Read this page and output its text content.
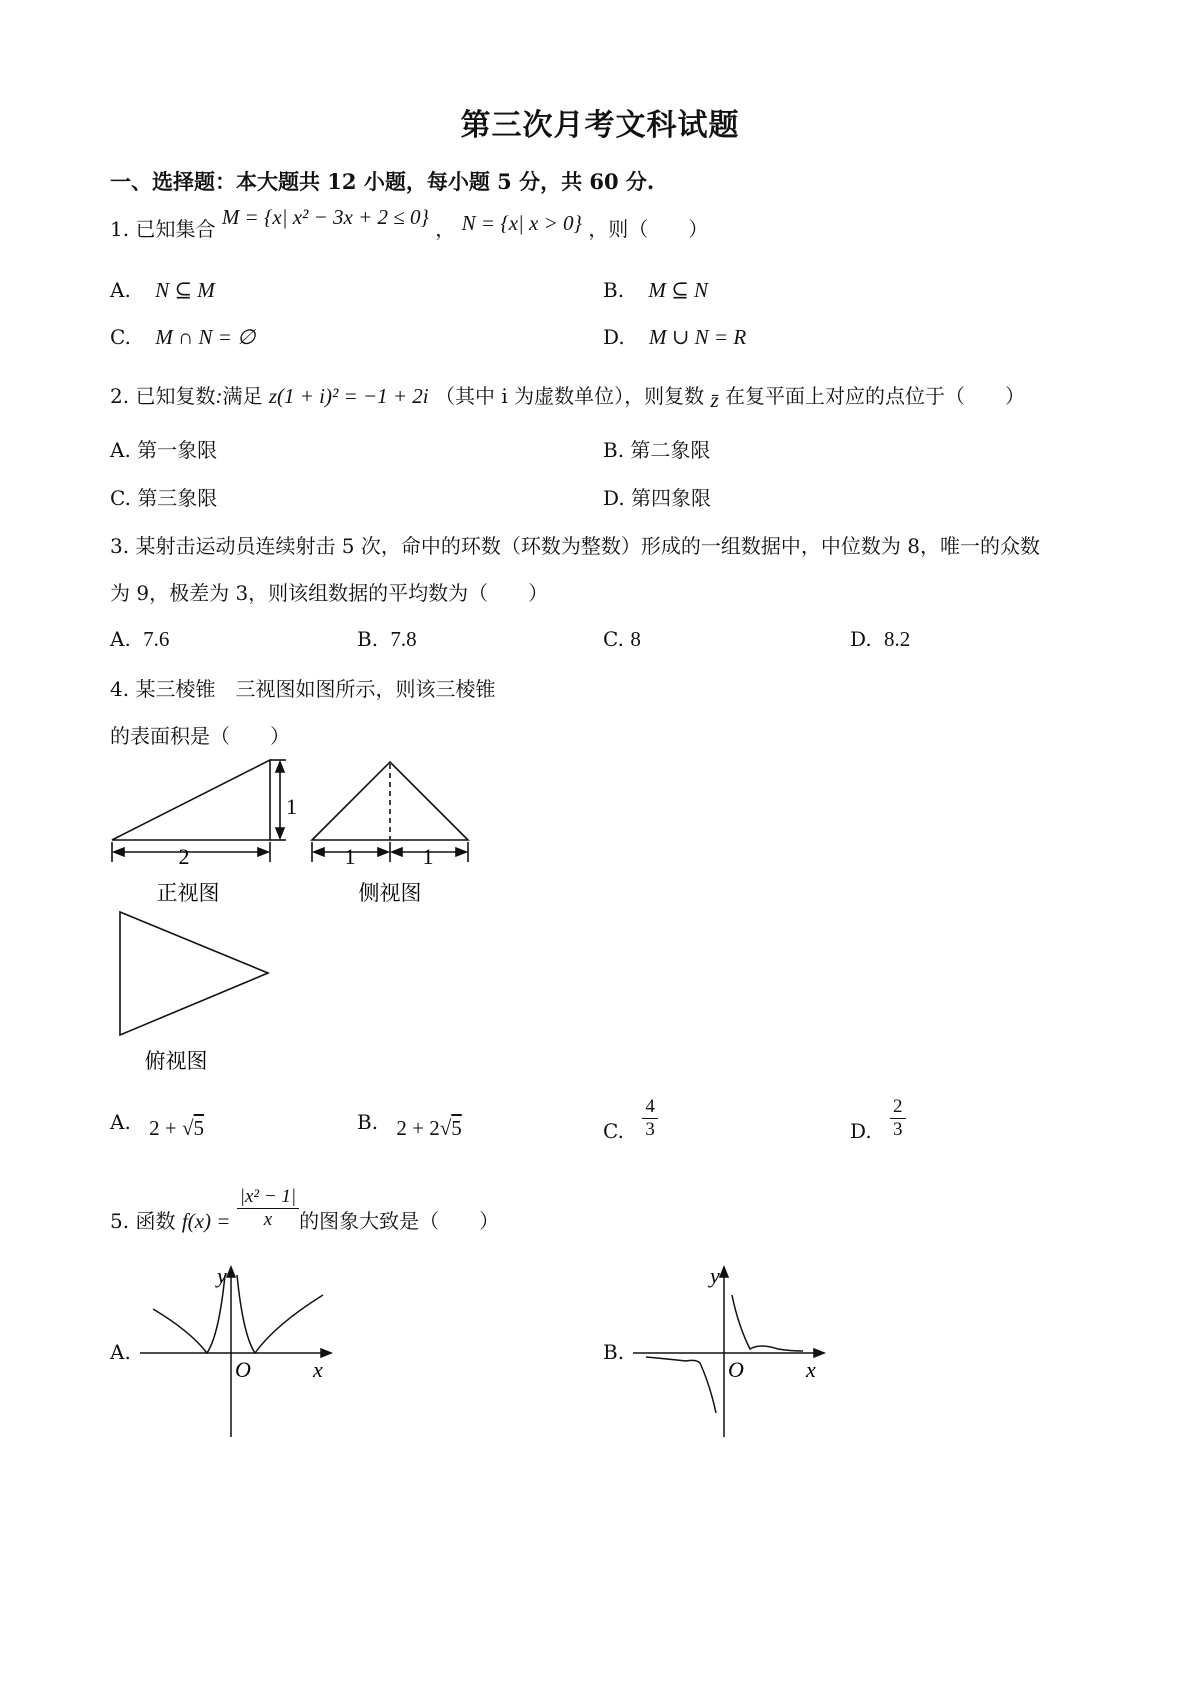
第三次月考文科试题
一、选择题：本大题共 12 小题，每小题 5 分，共 60 分.
1. 已知集合 M = {x| x² − 3x + 2 ≤ 0} ， N = {x| x > 0} ，则（　　）
A. N ⊆ M	B. M ⊆ N
C. M ∩ N = ∅	D. M ∪ N = R
2. 已知复数:满足 z(1 + i)² = −1 + 2i （其中 i 为虚数单位），则复数 z̄ 在复平面上对应的点位于（　　）
A. 第一象限	B. 第二象限
C. 第三象限	D. 第四象限
3. 某射击运动员连续射击 5 次，命中的环数（环数为整数）形成的一组数据中，中位数为 8，唯一的众数
为 9，极差为 3，则该组数据的平均数为（　　）
A. 7.6	B. 7.8	C. 8	D. 8.2
4. 某三棱锥　三视图如图所示，则该三棱锥
的表面积是（　　）
1
2
正视图
1	1
侧视图
俯视图
A. 2 + √5	B. 2 + 2√5	C. $\frac{4}{3}$	D. $\frac{2}{3}$
5. 函数 $f(x) = \frac{\text{|x² − 1|}}{x}$ 的图象大致是（　　）
A.
y
x
O
B.
y
x
O
